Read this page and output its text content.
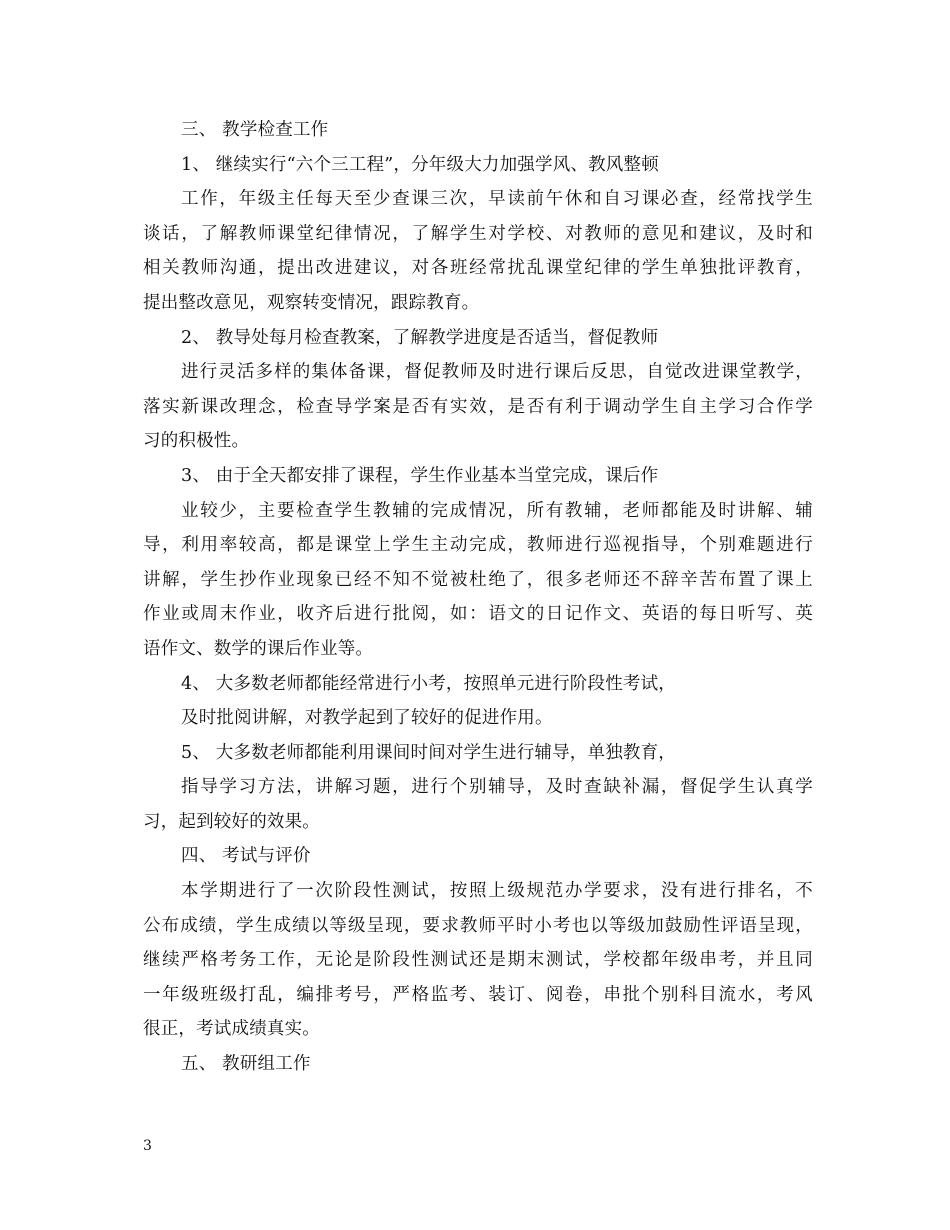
三、 教学检查工作
1、 继续实行“六个三工程”，分年级大力加强学风、教风整顿
工作，年级主任每天至少查课三次，早读前午休和自习课必查，经常找学生
谈话，了解教师课堂纪律情况，了解学生对学校、对教师的意见和建议，及时和
相关教师沟通，提出改进建议，对各班经常扰乱课堂纪律的学生单独批评教育，
提出整改意见，观察转变情况，跟踪教育。
2、 教导处每月检查教案，了解教学进度是否适当，督促教师
进行灵活多样的集体备课，督促教师及时进行课后反思，自觉改进课堂教学，
落实新课改理念，检查导学案是否有实效，是否有利于调动学生自主学习合作学
习的积极性。
3、 由于全天都安排了课程，学生作业基本当堂完成，课后作
业较少，主要检查学生教辅的完成情况，所有教辅，老师都能及时讲解、辅
导，利用率较高，都是课堂上学生主动完成，教师进行巡视指导，个别难题进行
讲解，学生抄作业现象已经不知不觉被杜绝了，很多老师还不辞辛苦布置了课上
作业或周末作业，收齐后进行批阅，如：语文的日记作文、英语的每日听写、英
语作文、数学的课后作业等。
4、 大多数老师都能经常进行小考，按照单元进行阶段性考试，
及时批阅讲解，对教学起到了较好的促进作用。
5、 大多数老师都能利用课间时间对学生进行辅导，单独教育，
指导学习方法，讲解习题，进行个别辅导，及时查缺补漏，督促学生认真学
习，起到较好的效果。
四、 考试与评价
本学期进行了一次阶段性测试，按照上级规范办学要求，没有进行排名，不
公布成绩，学生成绩以等级呈现，要求教师平时小考也以等级加鼓励性评语呈现，
继续严格考务工作，无论是阶段性测试还是期末测试，学校都年级串考，并且同
一年级班级打乱，编排考号，严格监考、装订、阅卷，串批个别科目流水，考风
很正，考试成绩真实。
五、 教研组工作
3
